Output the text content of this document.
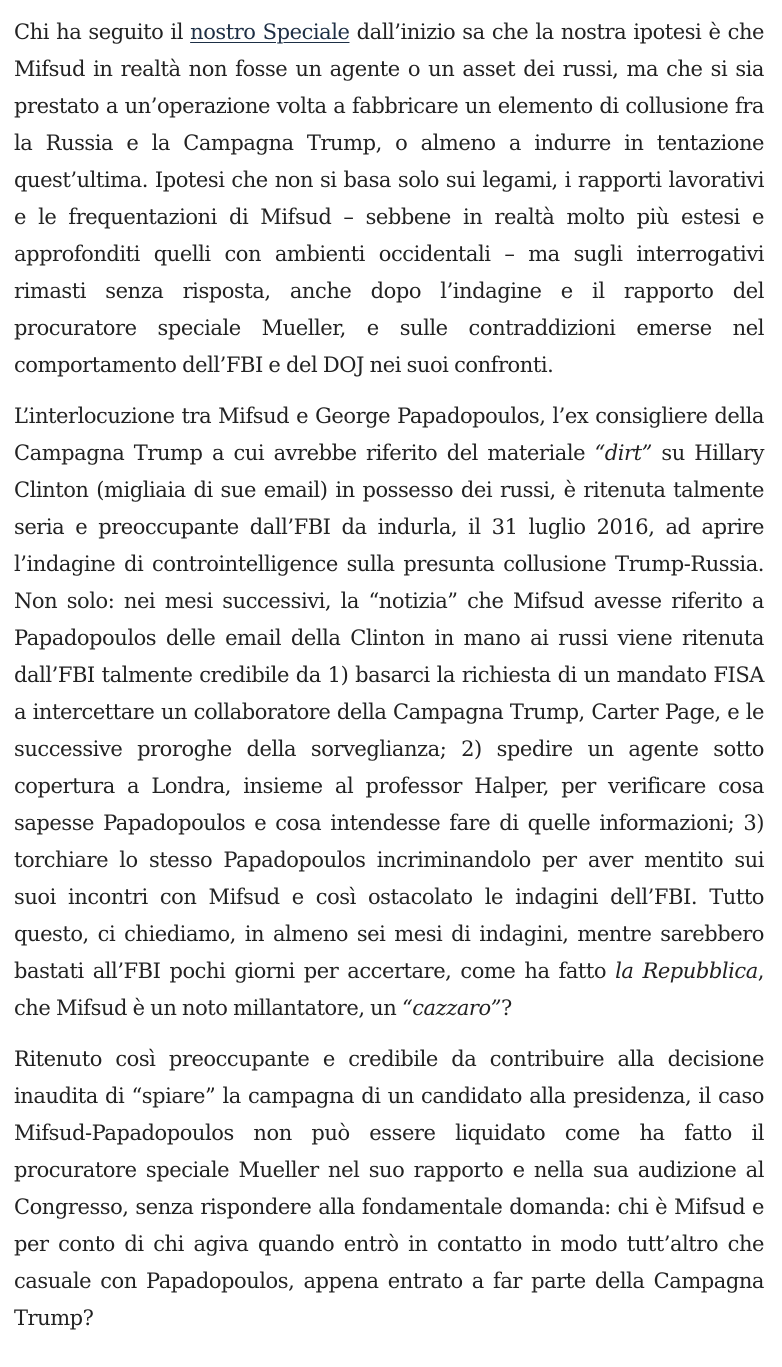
Chi ha seguito il nostro Speciale dall’inizio sa che la nostra ipotesi è che Mifsud in realtà non fosse un agente o un asset dei russi, ma che si sia prestato a un’operazione volta a fabbricare un elemento di collusione fra la Russia e la Campagna Trump, o almeno a indurre in tentazione quest’ultima. Ipotesi che non si basa solo sui legami, i rapporti lavorativi e le frequentazioni di Mifsud – sebbene in realtà molto più estesi e approfonditi quelli con ambienti occidentali – ma sugli interrogativi rimasti senza risposta, anche dopo l’indagine e il rapporto del procuratore speciale Mueller, e sulle contraddizioni emerse nel comportamento dell’FBI e del DOJ nei suoi confronti.

L’interlocuzione tra Mifsud e George Papadopoulos, l’ex consigliere della Campagna Trump a cui avrebbe riferito del materiale “dirt” su Hillary Clinton (migliaia di sue email) in possesso dei russi, è ritenuta talmente seria e preoccupante dall’FBI da indurla, il 31 luglio 2016, ad aprire l’indagine di controintelligence sulla presunta collusione Trump-Russia. Non solo: nei mesi successivi, la “notizia” che Mifsud avesse riferito a Papadopoulos delle email della Clinton in mano ai russi viene ritenuta dall’FBI talmente credibile da 1) basarci la richiesta di un mandato FISA a intercettare un collaboratore della Campagna Trump, Carter Page, e le successive proroghe della sorveglianza; 2) spedire un agente sotto copertura a Londra, insieme al professor Halper, per verificare cosa sapesse Papadopoulos e cosa intendesse fare di quelle informazioni; 3) torchiare lo stesso Papadopoulos incriminandolo per aver mentito sui suoi incontri con Mifsud e così ostacolato le indagini dell’FBI. Tutto questo, ci chiediamo, in almeno sei mesi di indagini, mentre sarebbero bastati all’FBI pochi giorni per accertare, come ha fatto la Repubblica, che Mifsud è un noto millantatore, un “cazzaro”?

Ritenuto così preoccupante e credibile da contribuire alla decisione inaudita di “spiare” la campagna di un candidato alla presidenza, il caso Mifsud-Papadopoulos non può essere liquidato come ha fatto il procuratore speciale Mueller nel suo rapporto e nella sua audizione al Congresso, senza rispondere alla fondamentale domanda: chi è Mifsud e per conto di chi agiva quando entrò in contatto in modo tutt’altro che casuale con Papadopoulos, appena entrato a far parte della Campagna Trump?
